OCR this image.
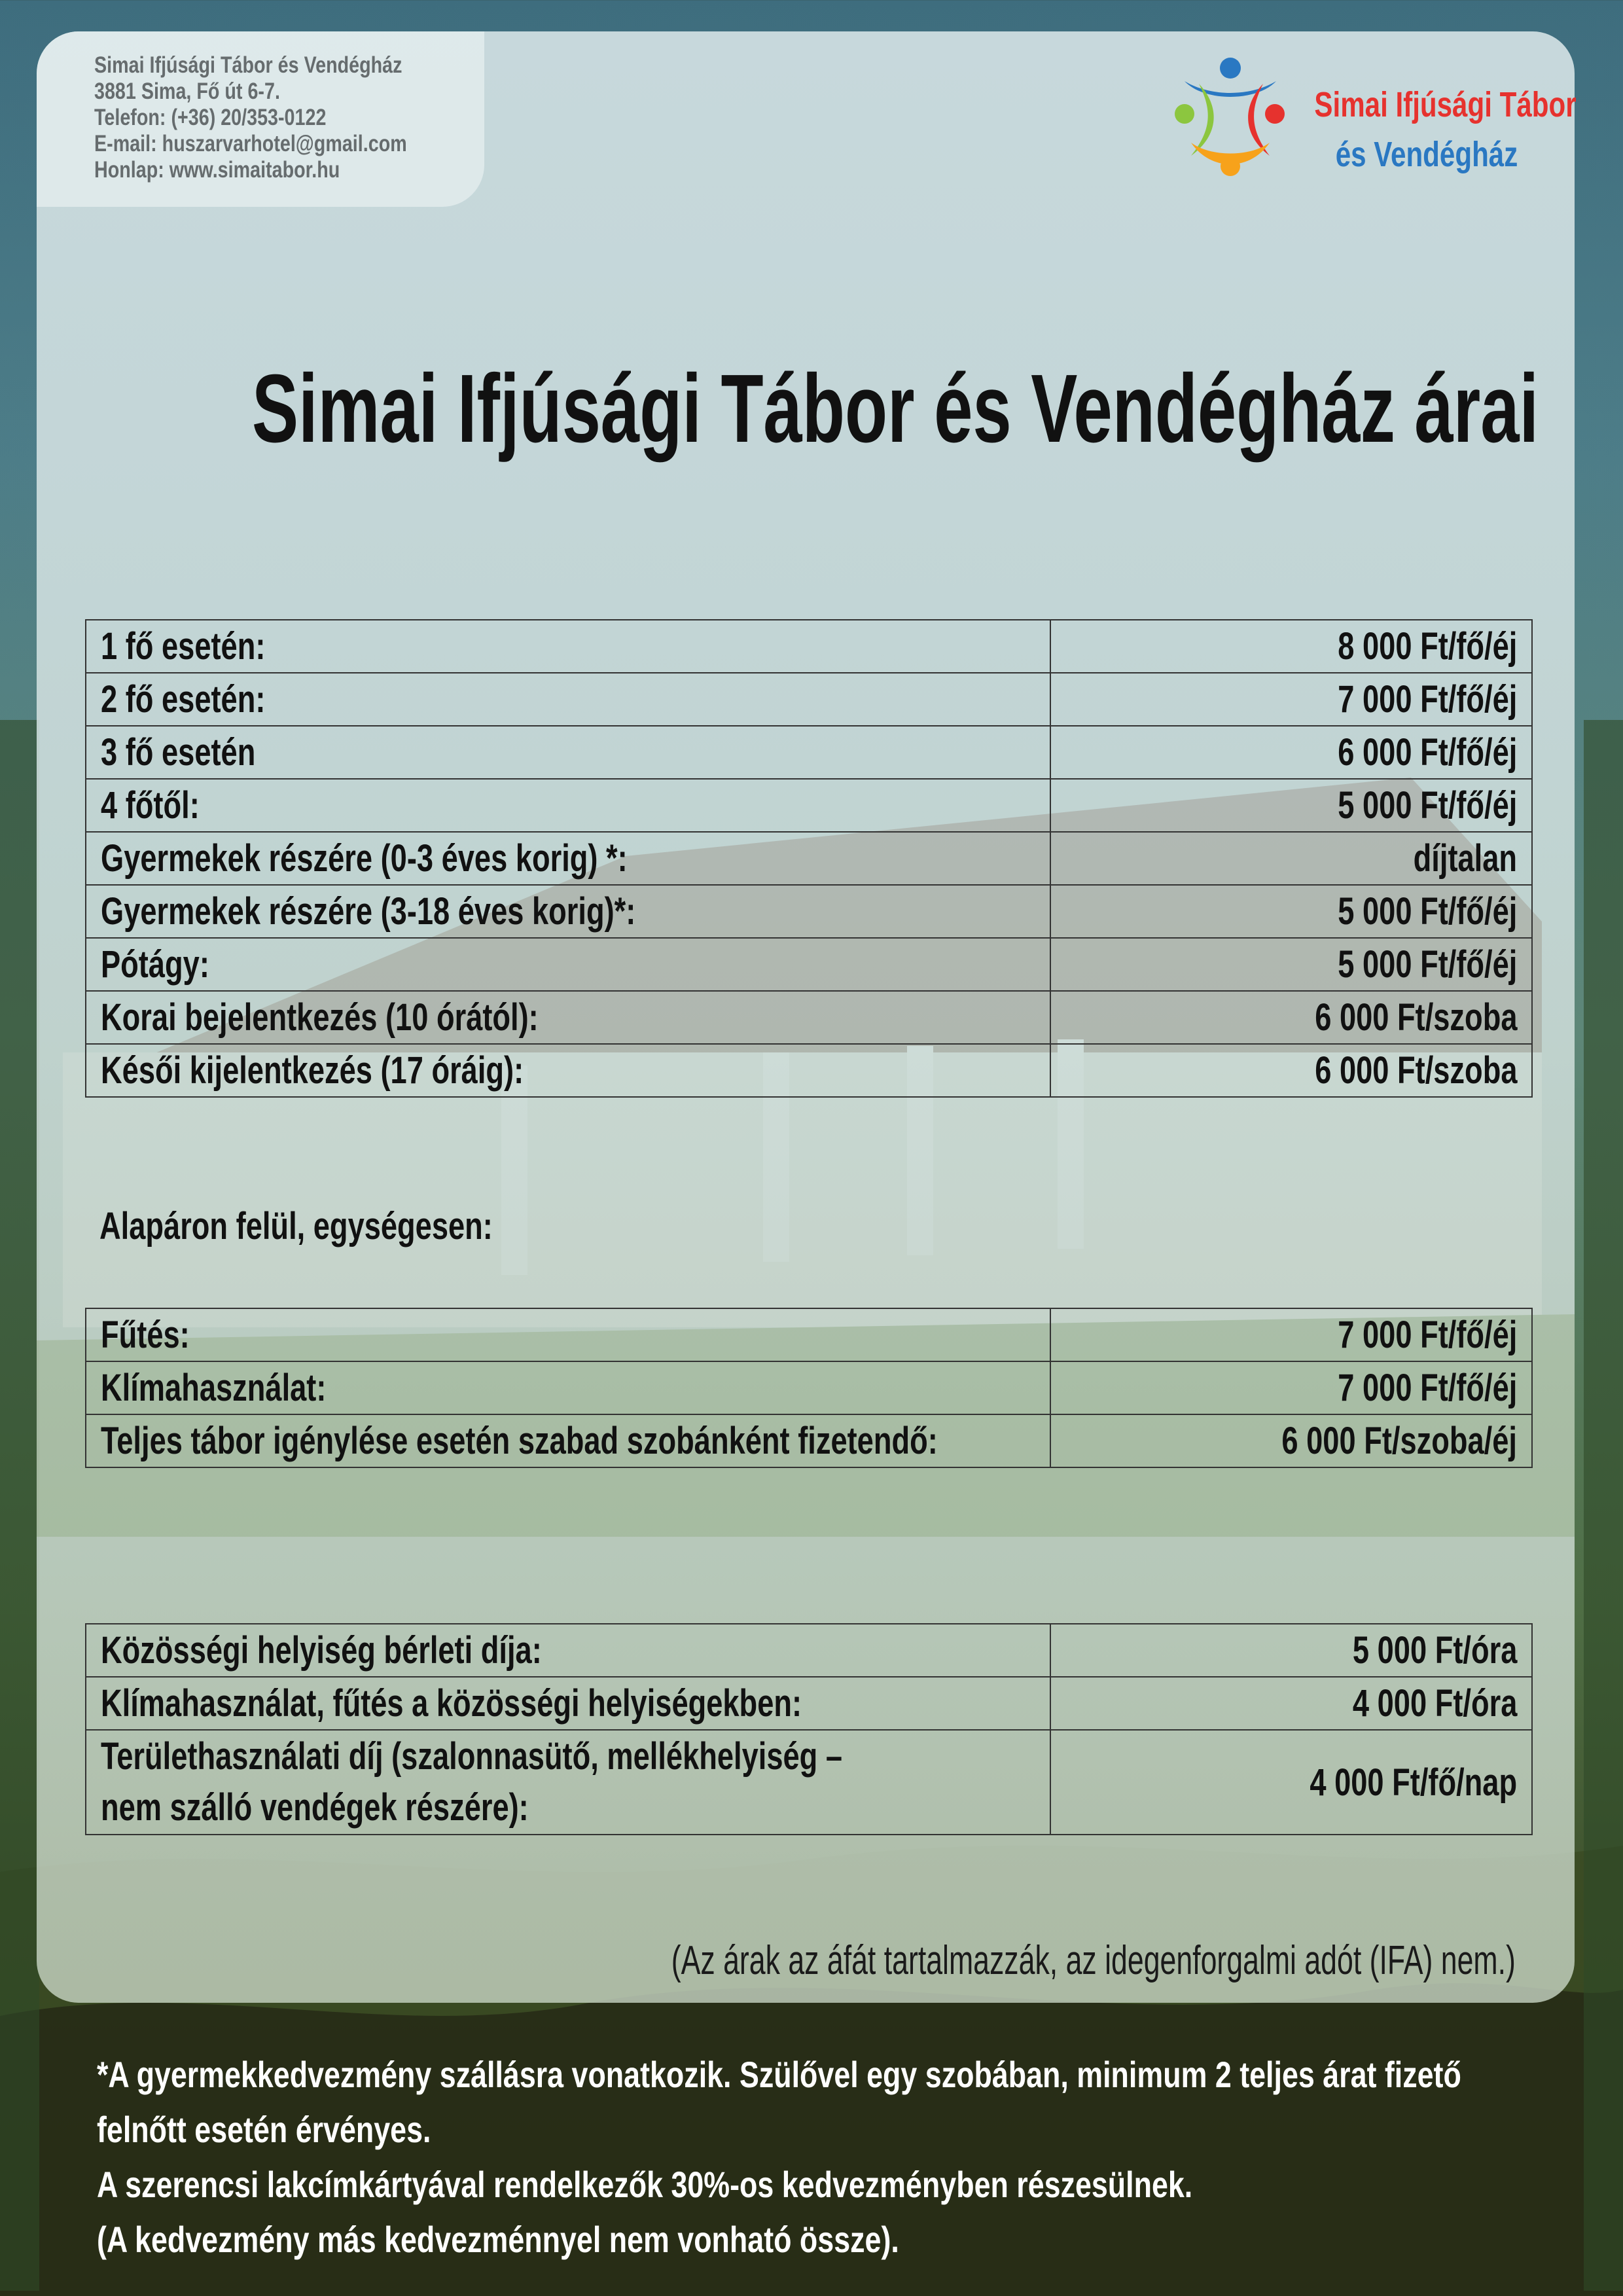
Simai Ifjúsági Tábor és Vendégház
3881 Sima, Fő út 6-7.
Telefon: (+36) 20/353-0122
E-mail: huszarvarhotel@gmail.com
Honlap: www.simaitabor.hu
Simai Ifjúsági Tábor
és Vendégház
Simai Ifjúsági Tábor és Vendégház árai
1 fő esetén:	8 000 Ft/fő/éj
2 fő esetén:	7 000 Ft/fő/éj
3 fő esetén	6 000 Ft/fő/éj
4 főtől:	5 000 Ft/fő/éj
Gyermekek részére (0-3 éves korig) *:	díjtalan
Gyermekek részére (3-18 éves korig)*:	5 000 Ft/fő/éj
Pótágy:	5 000 Ft/fő/éj
Korai bejelentkezés (10 órától):	6 000 Ft/szoba
Késői kijelentkezés (17 óráig):	6 000 Ft/szoba
Alapáron felül, egységesen:
Fűtés:	7 000 Ft/fő/éj
Klímahasználat:	7 000 Ft/fő/éj
Teljes tábor igénylése esetén szabad szobánként fizetendő:	6 000 Ft/szoba/éj
Közösségi helyiség bérleti díja:	5 000 Ft/óra
Klímahasználat, fűtés a közösségi helyiségekben:	4 000 Ft/óra
Területhasználati díj (szalonnasütő, mellékhelyiség –
nem szálló vendégek részére):	4 000 Ft/fő/nap
(Az árak az áfát tartalmazzák, az idegenforgalmi adót (IFA) nem.)
*A gyermekkedvezmény szállásra vonatkozik. Szülővel egy szobában, minimum 2 teljes árat fizető
felnőtt esetén érvényes.
A szerencsi lakcímkártyával rendelkezők 30%-os kedvezményben részesülnek.
(A kedvezmény más kedvezménnyel nem vonható össze).
